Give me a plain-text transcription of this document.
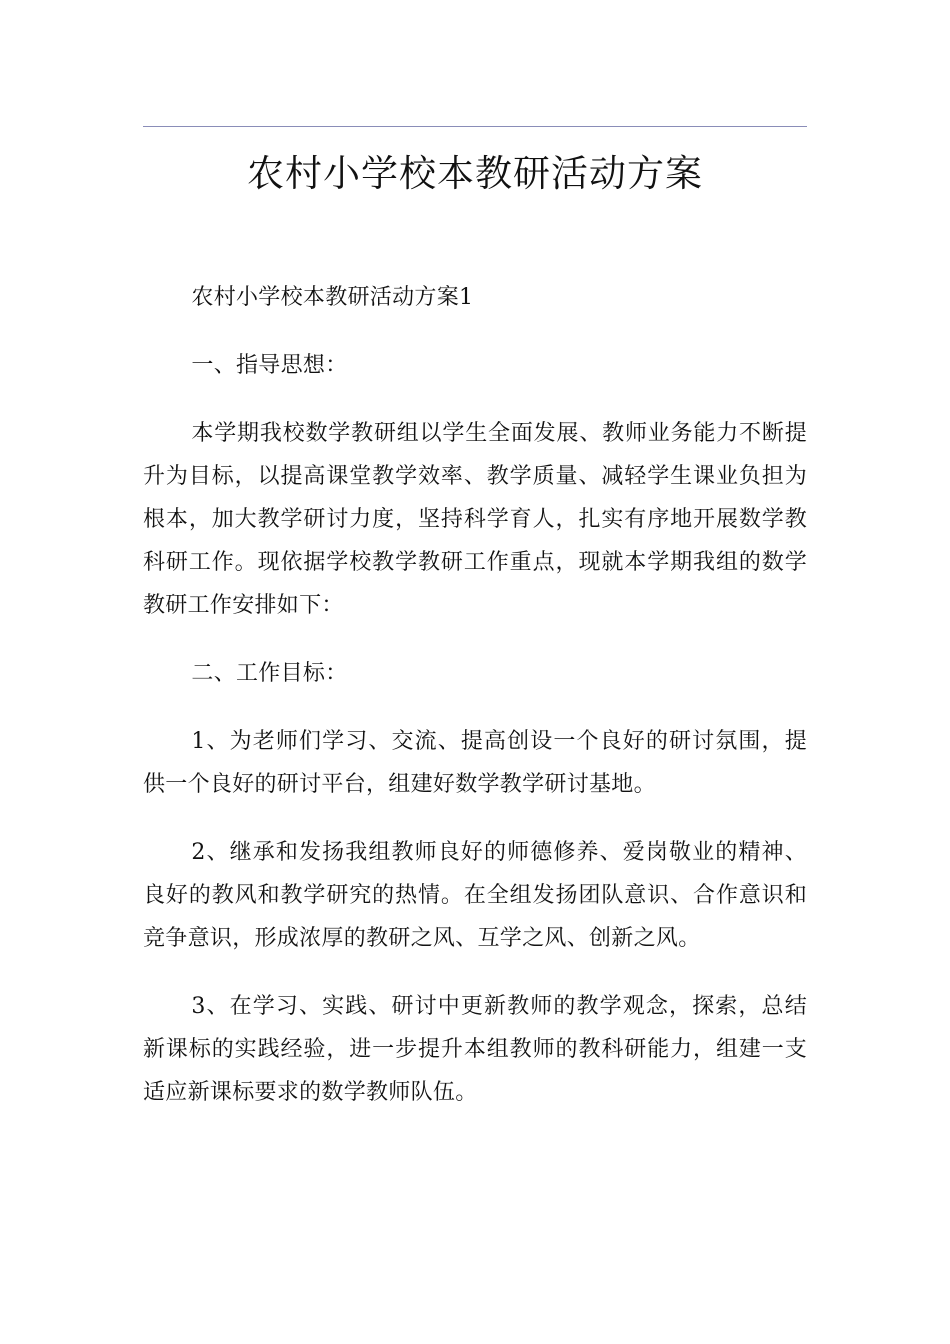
农村小学校本教研活动方案

农村小学校本教研活动方案1

一、指导思想：

本学期我校数学教研组以学生全面发展、教师业务能力不断提升为目标，以提高课堂教学效率、教学质量、减轻学生课业负担为根本，加大教学研讨力度，坚持科学育人，扎实有序地开展数学教科研工作。现依据学校教学教研工作重点，现就本学期我组的数学教研工作安排如下：

二、工作目标：

1、为老师们学习、交流、提高创设一个良好的研讨氛围，提供一个良好的研讨平台，组建好数学教学研讨基地。

2、继承和发扬我组教师良好的师德修养、爱岗敬业的精神、良好的教风和教学研究的热情。在全组发扬团队意识、合作意识和竞争意识，形成浓厚的教研之风、互学之风、创新之风。

3、在学习、实践、研讨中更新教师的教学观念，探索，总结新课标的实践经验，进一步提升本组教师的教科研能力，组建一支适应新课标要求的数学教师队伍。
